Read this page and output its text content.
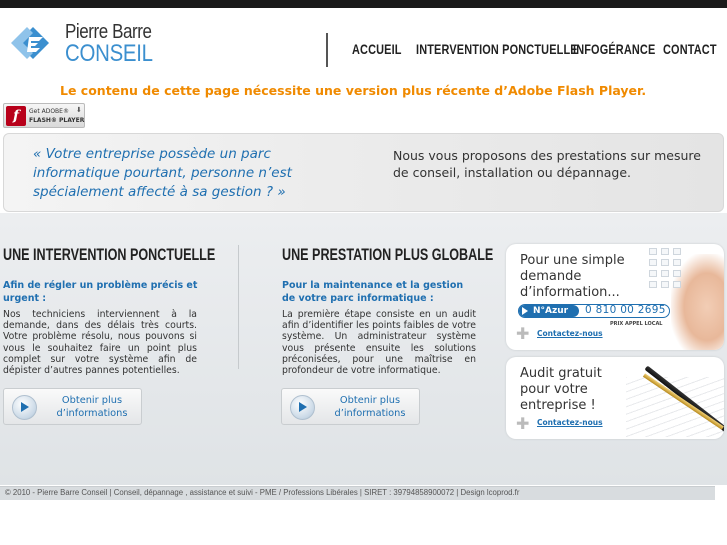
Pierre Barre
CONSEIL	ACCUEIL INTERVENTION PONCTUELLE
INFOGÉRANCE CONTACT
Le contenu de cette page nécessite une version plus récente d’Adobe Flash Player.
f	Get ADOBE®
FLASH® PLAYER
⬇
« Votre entreprise possède un parc informatique pourtant, personne n’est spécialement affecté à sa gestion ? »
Nous vous proposons des prestations sur mesure de conseil, installation ou dépannage.
UNE INTERVENTION PONCTUELLE
Afin de régler un problème précis et urgent :
Nos techniciens interviennent à la demande, dans des délais très courts. Votre problème résolu, nous pouvons si vous le souhaitez faire un point plus complet sur votre système afin de dépister d’autres pannes potentielles.
Obtenir plus d’informations
UNE PRESTATION PLUS GLOBALE
Pour la maintenance et la gestion de votre parc informatique :
La première étape consiste en un audit afin d’identifier les points faibles de votre système. Un administrateur système vous présente ensuite les solutions préconisées, pour une maîtrise en profondeur de votre informatique.
Obtenir plus d’informations
Pour une simple demande d’information...
N°Azur	0 810 00 2695
PRIX APPEL LOCAL
✚ Contactez-nous
Audit gratuit pour votre entreprise !
✚ Contactez-nous
© 2010 - Pierre Barre Conseil | Conseil, dépannage , assistance et suivi - PME / Professions Libérales | SIRET : 397948589000​72 | Design lcoprod.fr
